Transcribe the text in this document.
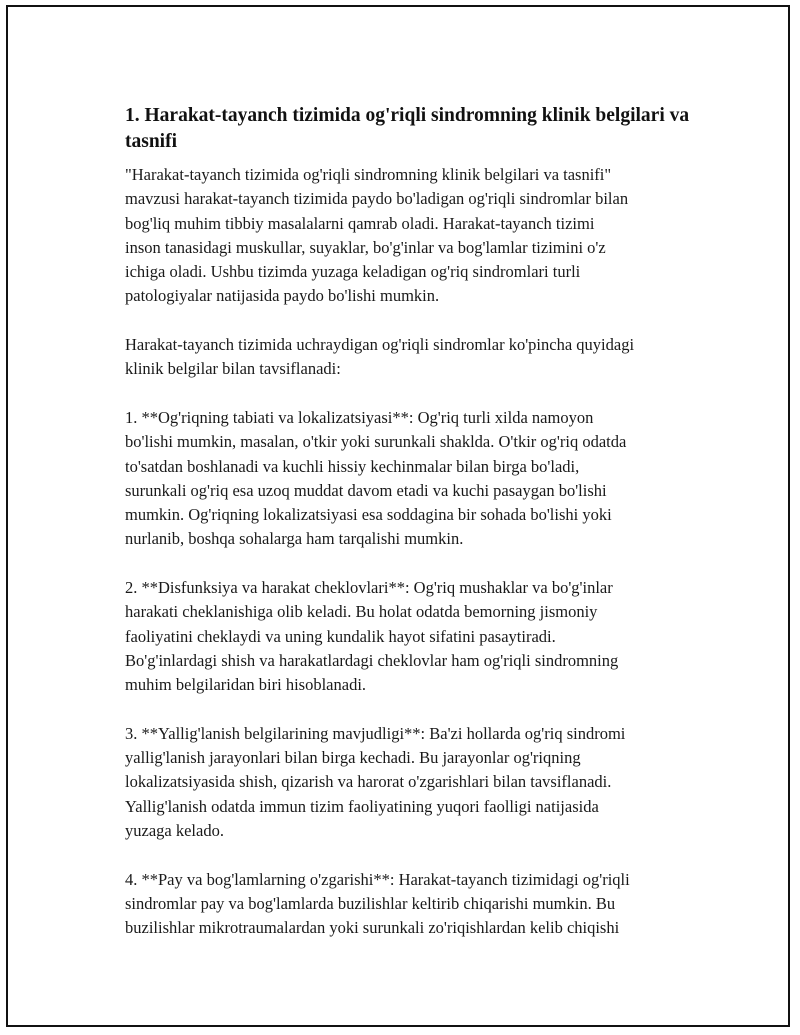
1. Harakat-tayanch tizimida og'riqli sindromning klinik belgilari va tasnifi

"Harakat-tayanch tizimida og'riqli sindromning klinik belgilari va tasnifi"
mavzusi harakat-tayanch tizimida paydo bo'ladigan og'riqli sindromlar bilan
bog'liq muhim tibbiy masalalarni qamrab oladi. Harakat-tayanch tizimi
inson tanasidagi muskullar, suyaklar, bo'g'inlar va bog'lamlar tizimini o'z
ichiga oladi. Ushbu tizimda yuzaga keladigan og'riq sindromlari turli
patologiyalar natijasida paydo bo'lishi mumkin.

Harakat-tayanch tizimida uchraydigan og'riqli sindromlar ko'pincha quyidagi
klinik belgilar bilan tavsiflanadi:

1. **Og'riqning tabiati va lokalizatsiyasi**: Og'riq turli xilda namoyon
bo'lishi mumkin, masalan, o'tkir yoki surunkali shaklda. O'tkir og'riq odatda
to'satdan boshlanadi va kuchli hissiy kechinmalar bilan birga bo'ladi,
surunkali og'riq esa uzoq muddat davom etadi va kuchi pasaygan bo'lishi
mumkin. Og'riqning lokalizatsiyasi esa soddagina bir sohada bo'lishi yoki
nurlanib, boshqa sohalarga ham tarqalishi mumkin.

2. **Disfunksiya va harakat cheklovlari**: Og'riq mushaklar va bo'g'inlar
harakati cheklanishiga olib keladi. Bu holat odatda bemorning jismoniy
faoliyatini cheklaydi va uning kundalik hayot sifatini pasaytiradi.
Bo'g'inlardagi shish va harakatlardagi cheklovlar ham og'riqli sindromning
muhim belgilaridan biri hisoblanadi.

3. **Yallig'lanish belgilarining mavjudligi**: Ba'zi hollarda og'riq sindromi
yallig'lanish jarayonlari bilan birga kechadi. Bu jarayonlar og'riqning
lokalizatsiyasida shish, qizarish va harorat o'zgarishlari bilan tavsiflanadi.
Yallig'lanish odatda immun tizim faoliyatining yuqori faolligi natijasida
yuzaga kelado.

4. **Pay va bog'lamlarning o'zgarishi**: Harakat-tayanch tizimidagi og'riqli
sindromlar pay va bog'lamlarda buzilishlar keltirib chiqarishi mumkin. Bu
buzilishlar mikrotraumalardan yoki surunkali zo'riqishlardan kelib chiqishi
